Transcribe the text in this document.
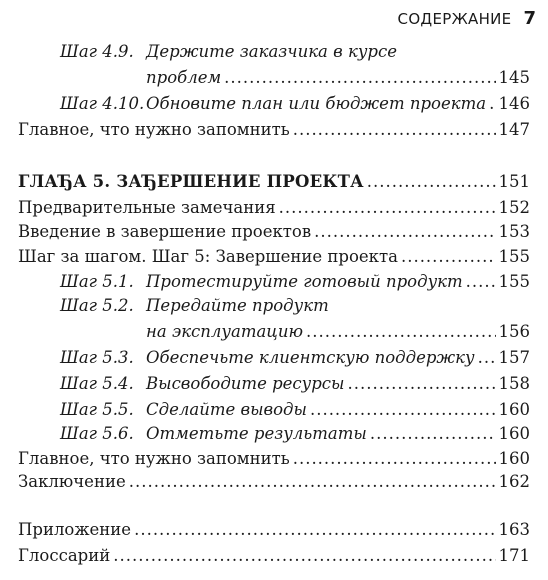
СОДЕРЖАНИЕ 7
Шаг 4.9. Держите заказчика в курсе
проблем .....	145
Шаг 4.10. Обновите план или бюджет проекта ..... 146
Главное, что нужно запомнить .....	147
ГЛАЂА 5. ЗАЂЕРШЕНИЕ ПРОЕКТА .....	151
Предварительные замечания .....	152
Введение в завершение проектов .....	153
Шаг за шагом. Шаг 5: Завершение проекта .....	155
Шаг 5.1. Протестируйте готовый продукт ..... 155
Шаг 5.2. Передайте продукт
на эксплуатацию .....	156
Шаг 5.3. Обеспечьте клиентскую поддержку ..... 157
Шаг 5.4. Высвободите ресурсы .....	158
Шаг 5.5. Сделайте выводы .....	160
Шаг 5.6. Отметьте результаты .....	160
Главное, что нужно запомнить .....	160
Заключение .....	162
Приложение .....	163
Глоссарий .....	171
